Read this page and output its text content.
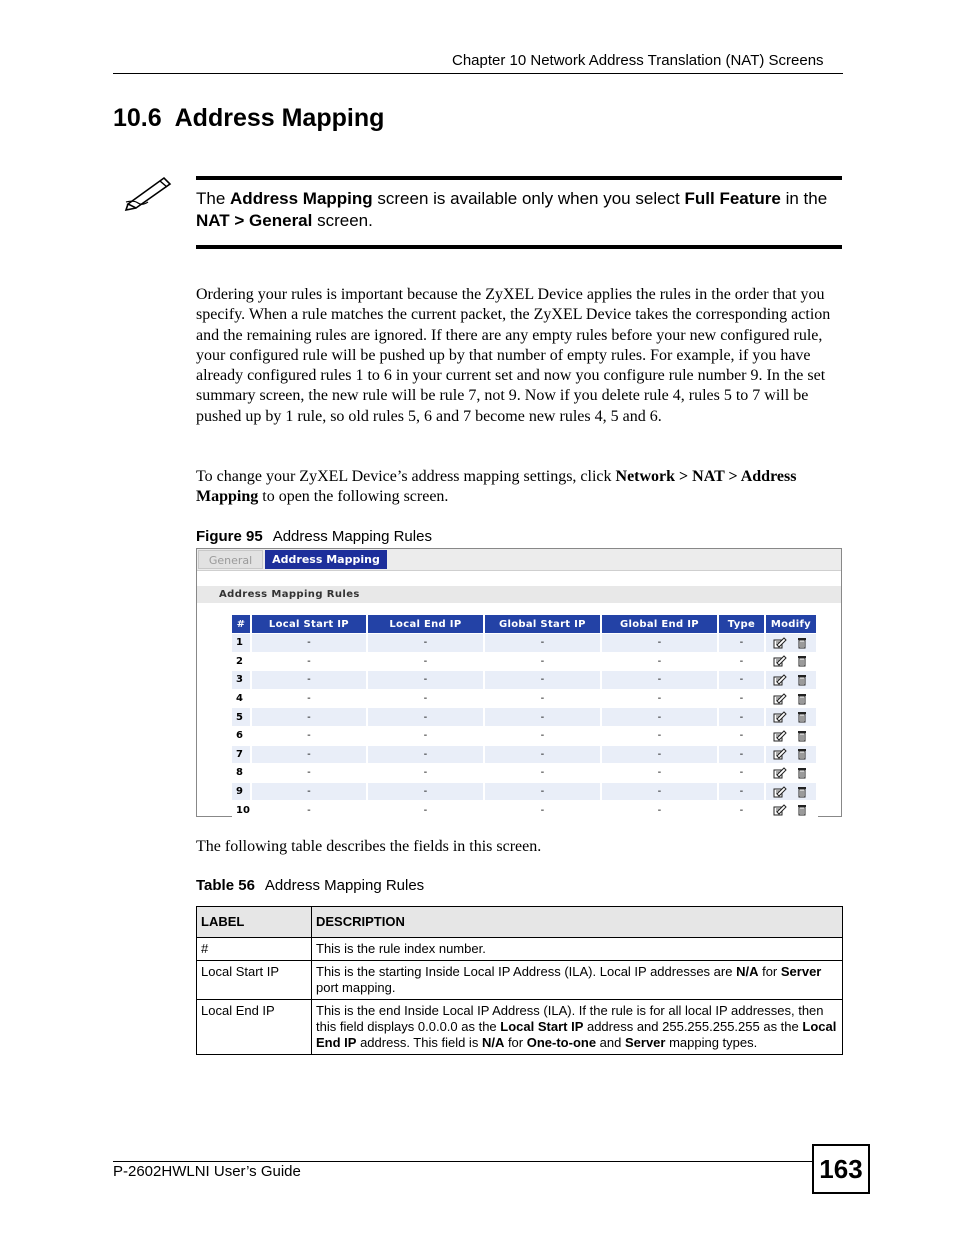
Chapter 10 Network Address Translation (NAT) Screens
10.6  Address Mapping
The Address Mapping screen is available only when you select Full Feature in the NAT > General screen.
Ordering your rules is important because the ZyXEL Device applies the rules in the order that you specify. When a rule matches the current packet, the ZyXEL Device takes the corresponding action and the remaining rules are ignored. If there are any empty rules before your new configured rule, your configured rule will be pushed up by that number of empty rules. For example, if you have already configured rules 1 to 6 in your current set and now you configure rule number 9. In the set summary screen, the new rule will be rule 7, not 9. Now if you delete rule 4, rules 5 to 7 will be pushed up by 1 rule, so old rules 5, 6 and 7 become new rules 4, 5 and 6.
To change your ZyXEL Device’s address mapping settings, click Network > NAT > Address Mapping to open the following screen.
Figure 95 Address Mapping Rules
General	Address Mapping
Address Mapping Rules
#	Local Start IP	Local End IP	Global Start IP	Global End IP	Type	Modify
1	-	-	-	-	-	
2	-	-	-	-	-	
3	-	-	-	-	-	
4	-	-	-	-	-	
5	-	-	-	-	-	
6	-	-	-	-	-	
7	-	-	-	-	-	
8	-	-	-	-	-	
9	-	-	-	-	-	
10	-	-	-	-	-	
The following table describes the fields in this screen.
Table 56 Address Mapping Rules
LABEL	DESCRIPTION
#	This is the rule index number.
Local Start IP	This is the starting Inside Local IP Address (ILA). Local IP addresses are N/A for Server port mapping.
Local End IP	This is the end Inside Local IP Address (ILA). If the rule is for all local IP addresses, then this field displays 0.0.0.0 as the Local Start IP address and 255.255.255.255 as the Local End IP address. This field is N/A for One-to-one and Server mapping types.
P-2602HWLNI User’s Guide	163
